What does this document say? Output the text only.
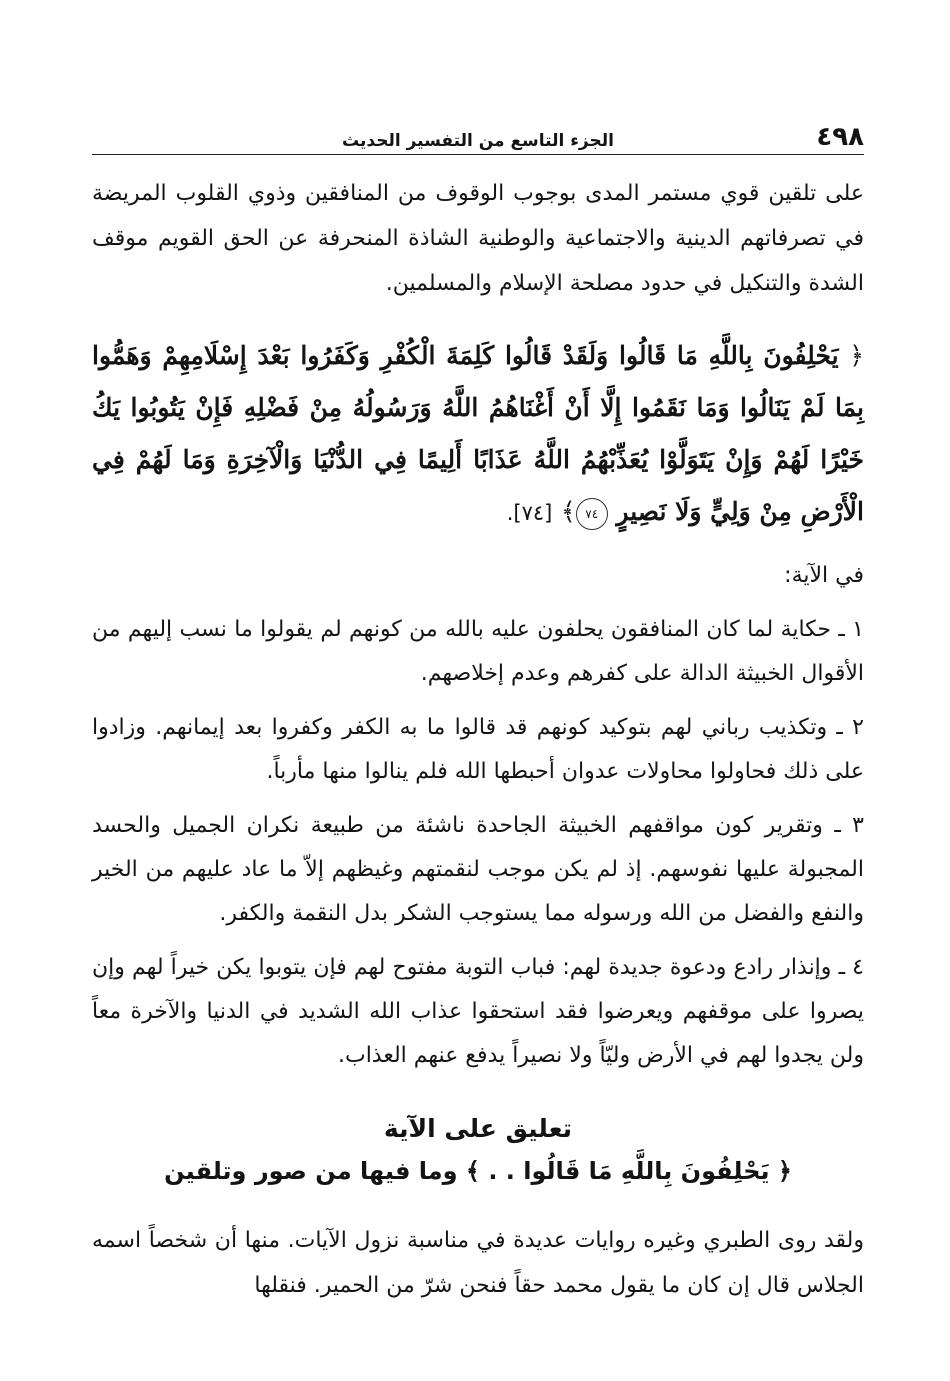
٤٩٨
الجزء التاسع من التفسير الحديث

على تلقين قوي مستمر المدى بوجوب الوقوف من المنافقين وذوي القلوب المريضة في تصرفاتهم الدينية والاجتماعية والوطنية الشاذة المنحرفة عن الحق القويم موقف الشدة والتنكيل في حدود مصلحة الإسلام والمسلمين.

﴿ يَحْلِفُونَ بِاللَّهِ مَا قَالُوا وَلَقَدْ قَالُوا كَلِمَةَ الْكُفْرِ وَكَفَرُوا بَعْدَ إِسْلَامِهِمْ وَهَمُّوا بِمَا لَمْ يَنَالُوا وَمَا نَقَمُوا إِلَّا أَنْ أَغْنَاهُمُ اللَّهُ وَرَسُولُهُ مِنْ فَضْلِهِ فَإِنْ يَتُوبُوا يَكُ خَيْرًا لَهُمْ وَإِنْ يَتَوَلَّوْا يُعَذِّبْهُمُ اللَّهُ عَذَابًا أَلِيمًا فِي الدُّنْيَا وَالْآخِرَةِ وَمَا لَهُمْ فِي الْأَرْضِ مِنْ وَلِيٍّ وَلَا نَصِيرٍ ٧٤﴾ [٧٤].
في الآية:
١ ـ حكاية لما كان المنافقون يحلفون عليه بالله من كونهم لم يقولوا ما نسب إليهم من الأقوال الخبيثة الدالة على كفرهم وعدم إخلاصهم.
٢ ـ وتكذيب رباني لهم بتوكيد كونهم قد قالوا ما به الكفر وكفروا بعد إيمانهم. وزادوا على ذلك فحاولوا محاولات عدوان أحبطها الله فلم ينالوا منها مأرباً.
٣ ـ وتقرير كون مواقفهم الخبيثة الجاحدة ناشئة من طبيعة نكران الجميل والحسد المجبولة عليها نفوسهم. إذ لم يكن موجب لنقمتهم وغيظهم إلاّ ما عاد عليهم من الخير والنفع والفضل من الله ورسوله مما يستوجب الشكر بدل النقمة والكفر.
٤ ـ وإنذار رادع ودعوة جديدة لهم: فباب التوبة مفتوح لهم فإن يتوبوا يكن خيراً لهم وإن يصروا على موقفهم ويعرضوا فقد استحقوا عذاب الله الشديد في الدنيا والآخرة معاً ولن يجدوا لهم في الأرض وليّاً ولا نصيراً يدفع عنهم العذاب.
تعليق على الآية
﴿ يَحْلِفُونَ بِاللَّهِ مَا قَالُوا . . ﴾ وما فيها من صور وتلقين

ولقد روى الطبري وغيره روايات عديدة في مناسبة نزول الآيات. منها أن شخصاً اسمه الجلاس قال إن كان ما يقول محمد حقاً فنحن شرّ من الحمير. فنقلها
